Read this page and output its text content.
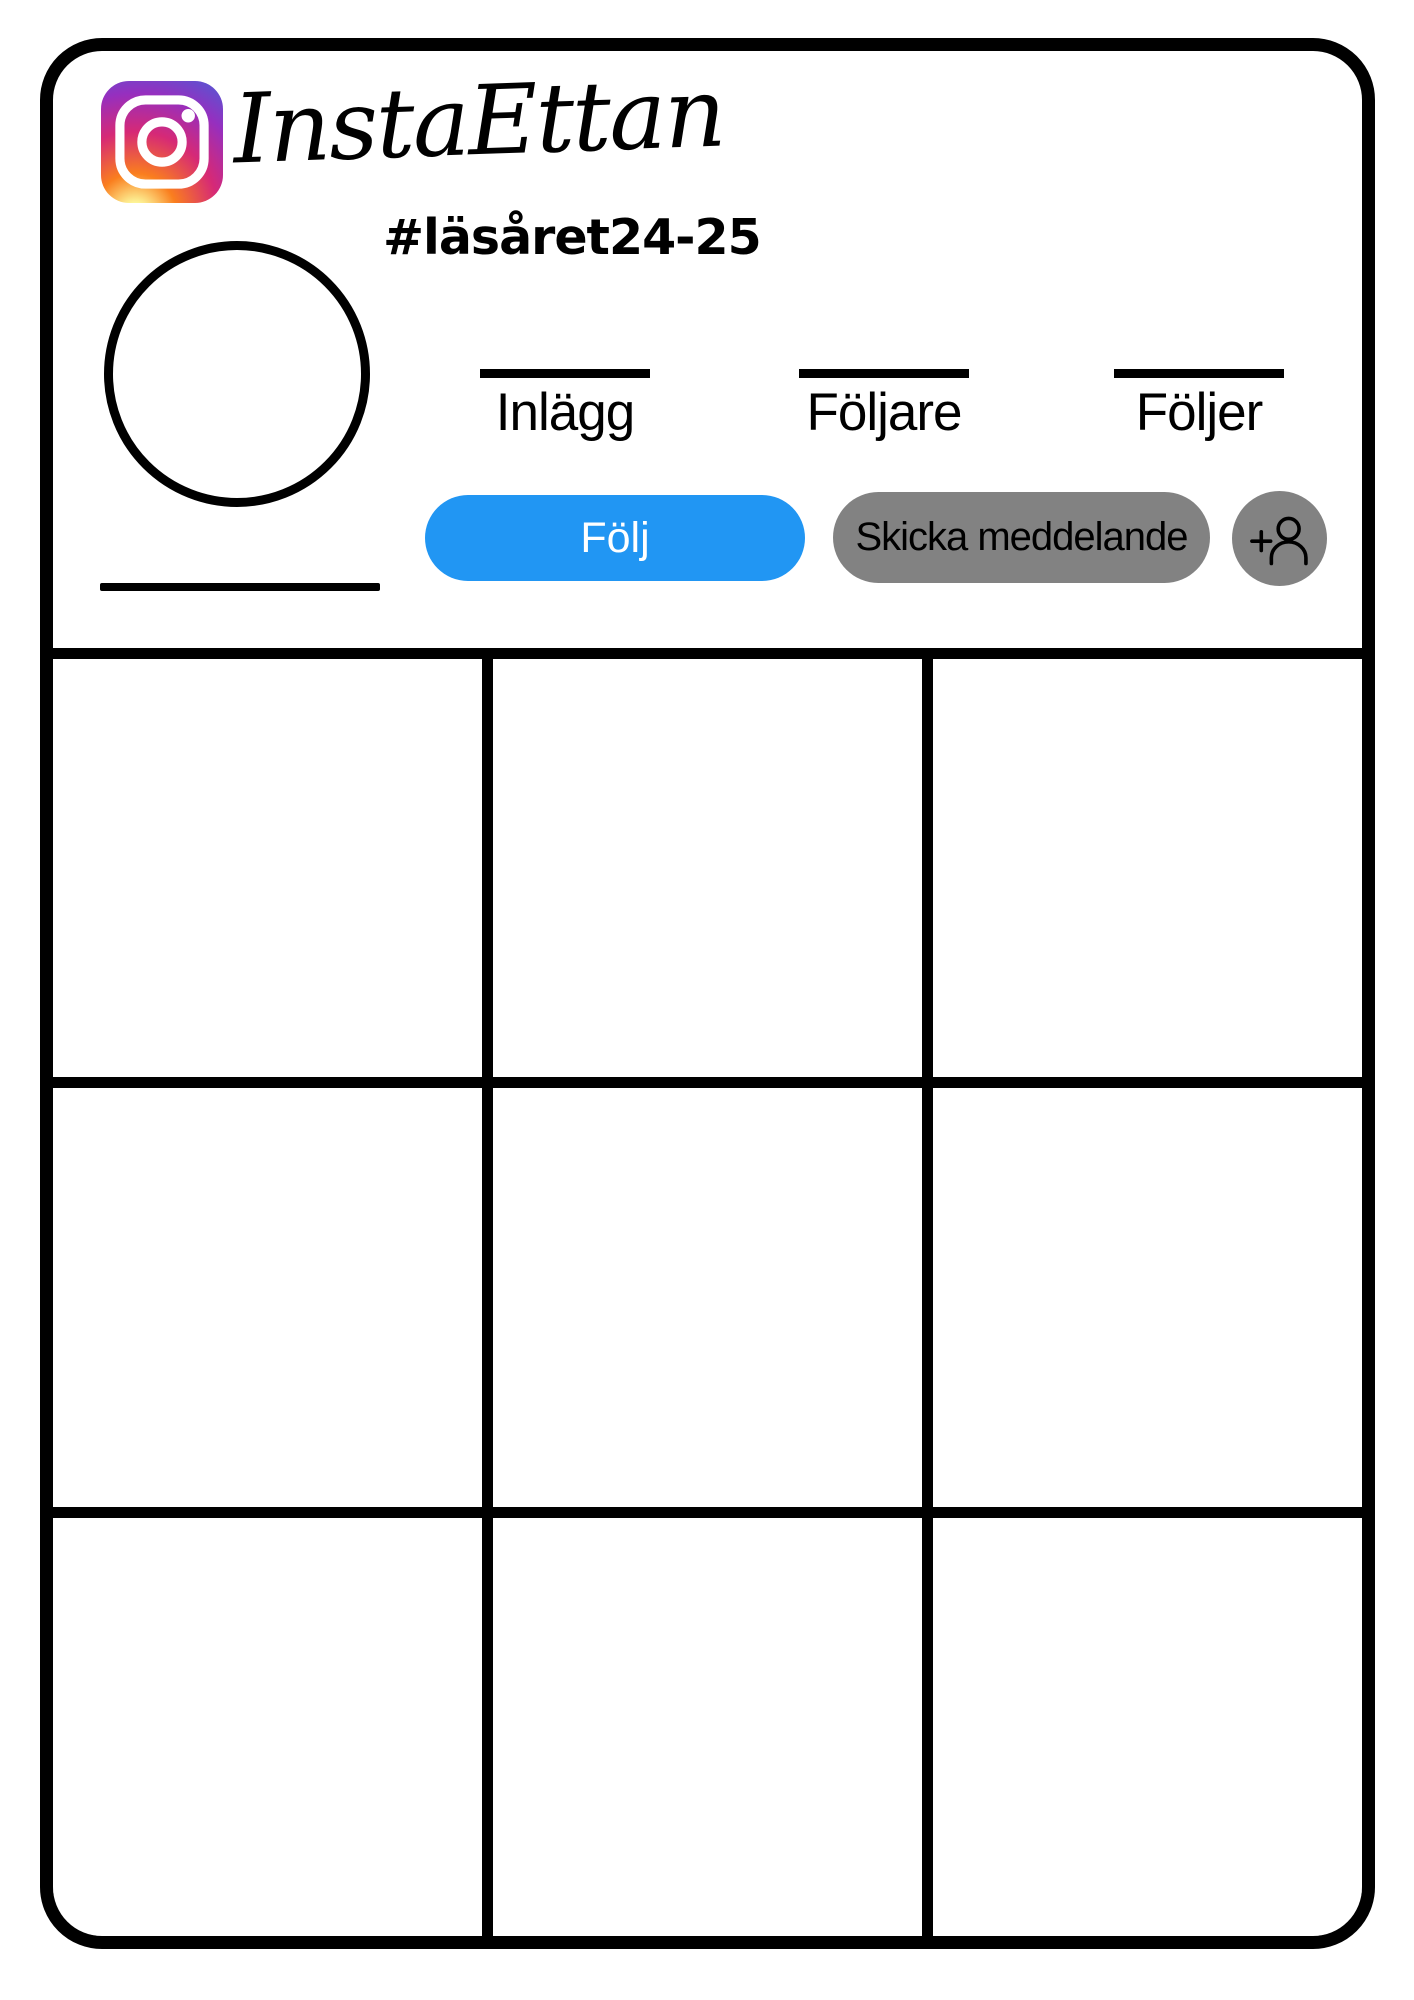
InstaEttan
#läsåret24-25
Inlägg	Följare	Följer
Följ	Skicka meddelande
